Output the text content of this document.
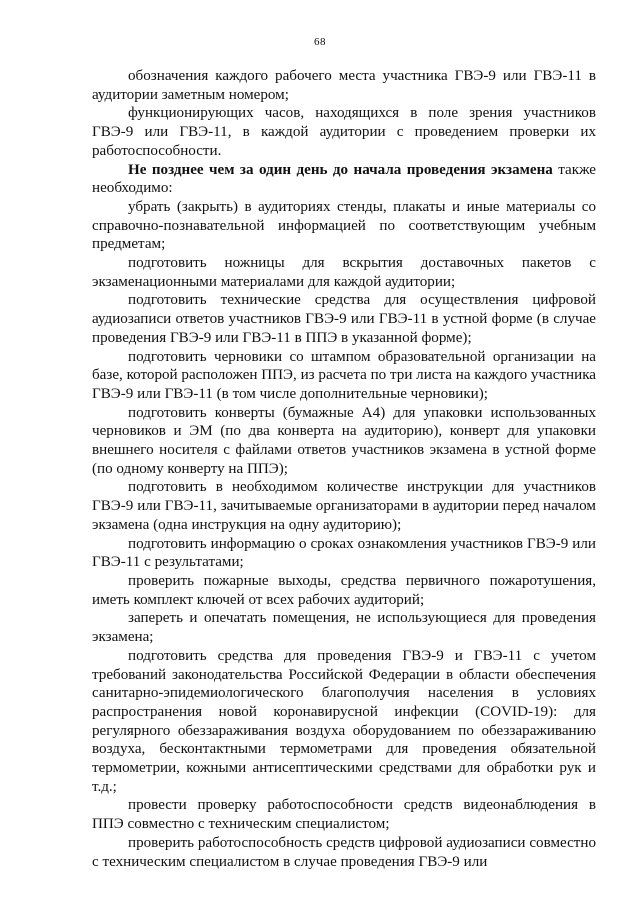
68

обозначения каждого рабочего места участника ГВЭ-9 или ГВЭ-11 в аудитории заметным номером;

функционирующих часов, находящихся в поле зрения участников ГВЭ-9 или ГВЭ-11, в каждой аудитории с проведением проверки их работоспособности.

Не позднее чем за один день до начала проведения экзамена также необходимо:

убрать (закрыть) в аудиториях стенды, плакаты и иные материалы со справочно-познавательной информацией по соответствующим учебным предметам;

подготовить ножницы для вскрытия доставочных пакетов с экзаменационными материалами для каждой аудитории;

подготовить технические средства для осуществления цифровой аудиозаписи ответов участников ГВЭ-9 или ГВЭ-11 в устной форме (в случае проведения ГВЭ-9 или ГВЭ-11 в ППЭ в указанной форме);

подготовить черновики со штампом образовательной организации на базе, которой расположен ППЭ, из расчета по три листа на каждого участника ГВЭ-9 или ГВЭ-11 (в том числе дополнительные черновики);

подготовить конверты (бумажные А4) для упаковки использованных черновиков и ЭМ (по два конверта на аудиторию), конверт для упаковки внешнего носителя с файлами ответов участников экзамена в устной форме (по одному конверту на ППЭ);

подготовить в необходимом количестве инструкции для участников ГВЭ-9 или ГВЭ-11, зачитываемые организаторами в аудитории перед началом экзамена (одна инструкция на одну аудиторию);

подготовить информацию о сроках ознакомления участников ГВЭ-9 или ГВЭ-11 с результатами;

проверить пожарные выходы, средства первичного пожаротушения, иметь комплект ключей от всех рабочих аудиторий;

запереть и опечатать помещения, не использующиеся для проведения экзамена;

подготовить средства для проведения ГВЭ-9 и ГВЭ-11 с учетом требований законодательства Российской Федерации в области обеспечения санитарно-эпидемиологического благополучия населения в условиях распространения новой коронавирусной инфекции (COVID-19): для регулярного обеззараживания воздуха оборудованием по обеззараживанию воздуха, бесконтактными термометрами для проведения обязательной термометрии, кожными антисептическими средствами для обработки рук и т.д.;

провести проверку работоспособности средств видеонаблюдения в ППЭ совместно с техническим специалистом;

проверить работоспособность средств цифровой аудиозаписи совместно с техническим специалистом в случае проведения ГВЭ-9 или
